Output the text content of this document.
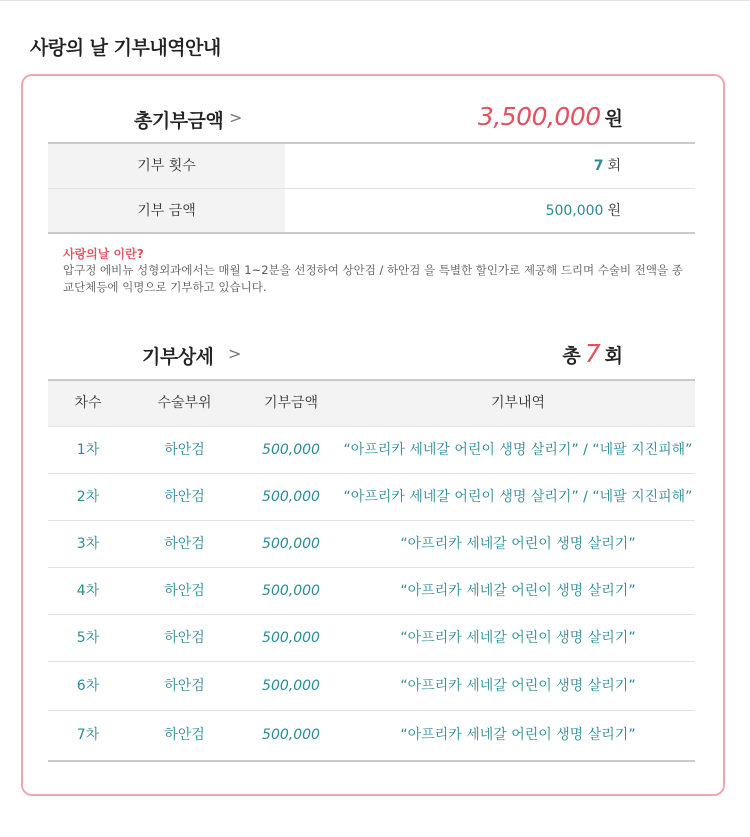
사랑의 날 기부내역안내
총기부금액 >	3,500,000 원
기부 횟수	7 회
기부 금액	500,000 원
사랑의날 이란?
압구정 에비뉴 성형외과에서는 매월 1~2분을 선정하여 상안검 / 하안검 을 특별한 할인가로 제공해 드리며 수술비 전액을 종교단체등에 익명으로 기부하고 있습니다.
기부상세 >	총 7 회
차수	수술부위	기부금액	기부내역
1차	하안검	500,000	“아프리카 세네갈 어린이 생명 살리기” / “네팔 지진피해”
2차	하안검	500,000	“아프리카 세네갈 어린이 생명 살리기” / “네팔 지진피해”
3차	하안검	500,000	“아프리카 세네갈 어린이 생명 살리기”
4차	하안검	500,000	“아프리카 세네갈 어린이 생명 살리기”
5차	하안검	500,000	“아프리카 세네갈 어린이 생명 살리기”
6차	하안검	500,000	“아프리카 세네갈 어린이 생명 살리기”
7차	하안검	500,000	“아프리카 세네갈 어린이 생명 살리기”
